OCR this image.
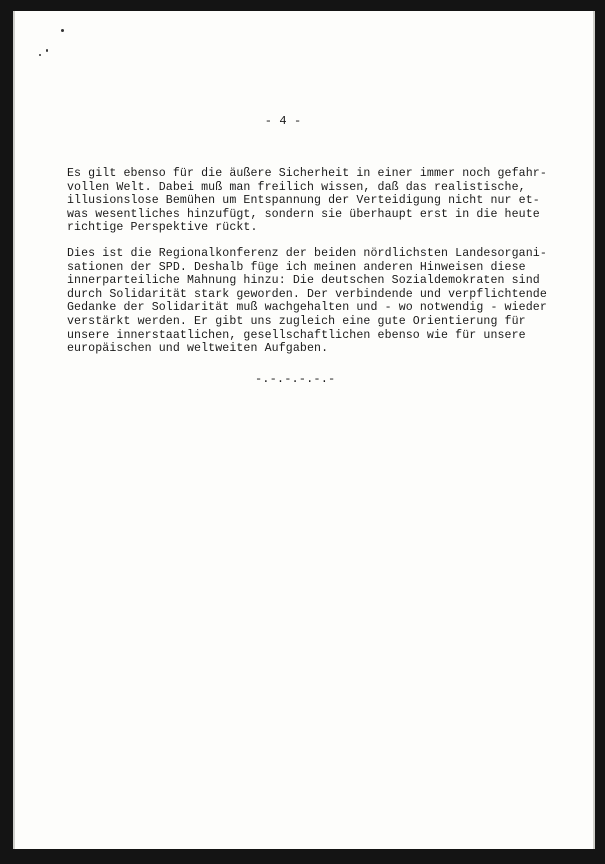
- 4 -

Es gilt ebenso für die äußere Sicherheit in einer immer noch gefahr-
vollen Welt. Dabei muß man freilich wissen, daß das realistische,
illusionslose Bemühen um Entspannung der Verteidigung nicht nur et-
was wesentliches hinzufügt, sondern sie überhaupt erst in die heute
richtige Perspektive rückt.

Dies ist die Regionalkonferenz der beiden nördlichsten Landesorgani-
sationen der SPD. Deshalb füge ich meinen anderen Hinweisen diese
innerparteiliche Mahnung hinzu: Die deutschen Sozialdemokraten sind
durch Solidarität stark geworden. Der verbindende und verpflichtende
Gedanke der Solidarität muß wachgehalten und - wo notwendig - wieder
verstärkt werden. Er gibt uns zugleich eine gute Orientierung für
unsere innerstaatlichen, gesellschaftlichen ebenso wie für unsere
europäischen und weltweiten Aufgaben.

-.-.-.-.-.-
